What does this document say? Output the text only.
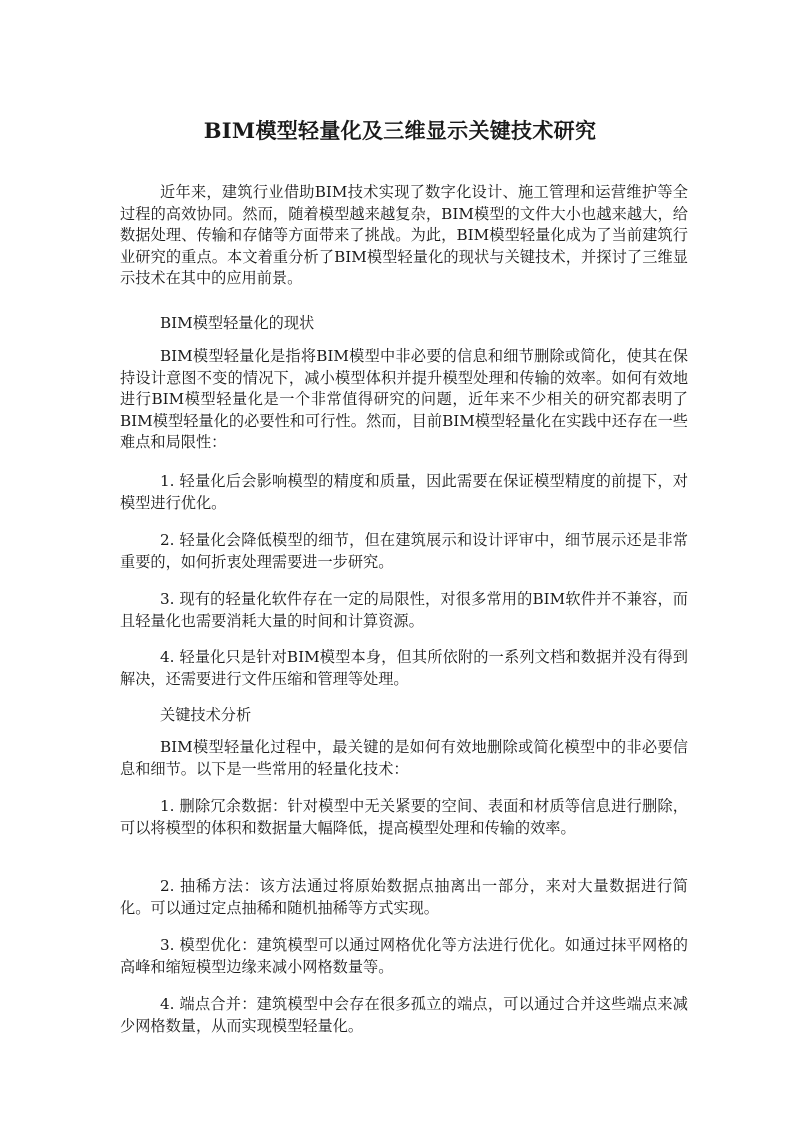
BIM模型轻量化及三维显示关键技术研究

近年来，建筑行业借助BIM技术实现了数字化设计、施工管理和运营维护等全过程的高效协同。然而，随着模型越来越复杂，BIM模型的文件大小也越来越大，给数据处理、传输和存储等方面带来了挑战。为此，BIM模型轻量化成为了当前建筑行业研究的重点。本文着重分析了BIM模型轻量化的现状与关键技术，并探讨了三维显示技术在其中的应用前景。

BIM模型轻量化的现状

BIM模型轻量化是指将BIM模型中非必要的信息和细节删除或简化，使其在保持设计意图不变的情况下，减小模型体积并提升模型处理和传输的效率。如何有效地进行BIM模型轻量化是一个非常值得研究的问题，近年来不少相关的研究都表明了BIM模型轻量化的必要性和可行性。然而，目前BIM模型轻量化在实践中还存在一些难点和局限性：

1. 轻量化后会影响模型的精度和质量，因此需要在保证模型精度的前提下，对模型进行优化。

2. 轻量化会降低模型的细节，但在建筑展示和设计评审中，细节展示还是非常重要的，如何折衷处理需要进一步研究。

3. 现有的轻量化软件存在一定的局限性，对很多常用的BIM软件并不兼容，而且轻量化也需要消耗大量的时间和计算资源。

4. 轻量化只是针对BIM模型本身，但其所依附的一系列文档和数据并没有得到解决，还需要进行文件压缩和管理等处理。

关键技术分析

BIM模型轻量化过程中，最关键的是如何有效地删除或简化模型中的非必要信息和细节。以下是一些常用的轻量化技术：

1. 删除冗余数据：针对模型中无关紧要的空间、表面和材质等信息进行删除，可以将模型的体积和数据量大幅降低，提高模型处理和传输的效率。

2. 抽稀方法：该方法通过将原始数据点抽离出一部分，来对大量数据进行简化。可以通过定点抽稀和随机抽稀等方式实现。

3. 模型优化：建筑模型可以通过网格优化等方法进行优化。如通过抹平网格的高峰和缩短模型边缘来减小网格数量等。

4. 端点合并：建筑模型中会存在很多孤立的端点，可以通过合并这些端点来减少网格数量，从而实现模型轻量化。
